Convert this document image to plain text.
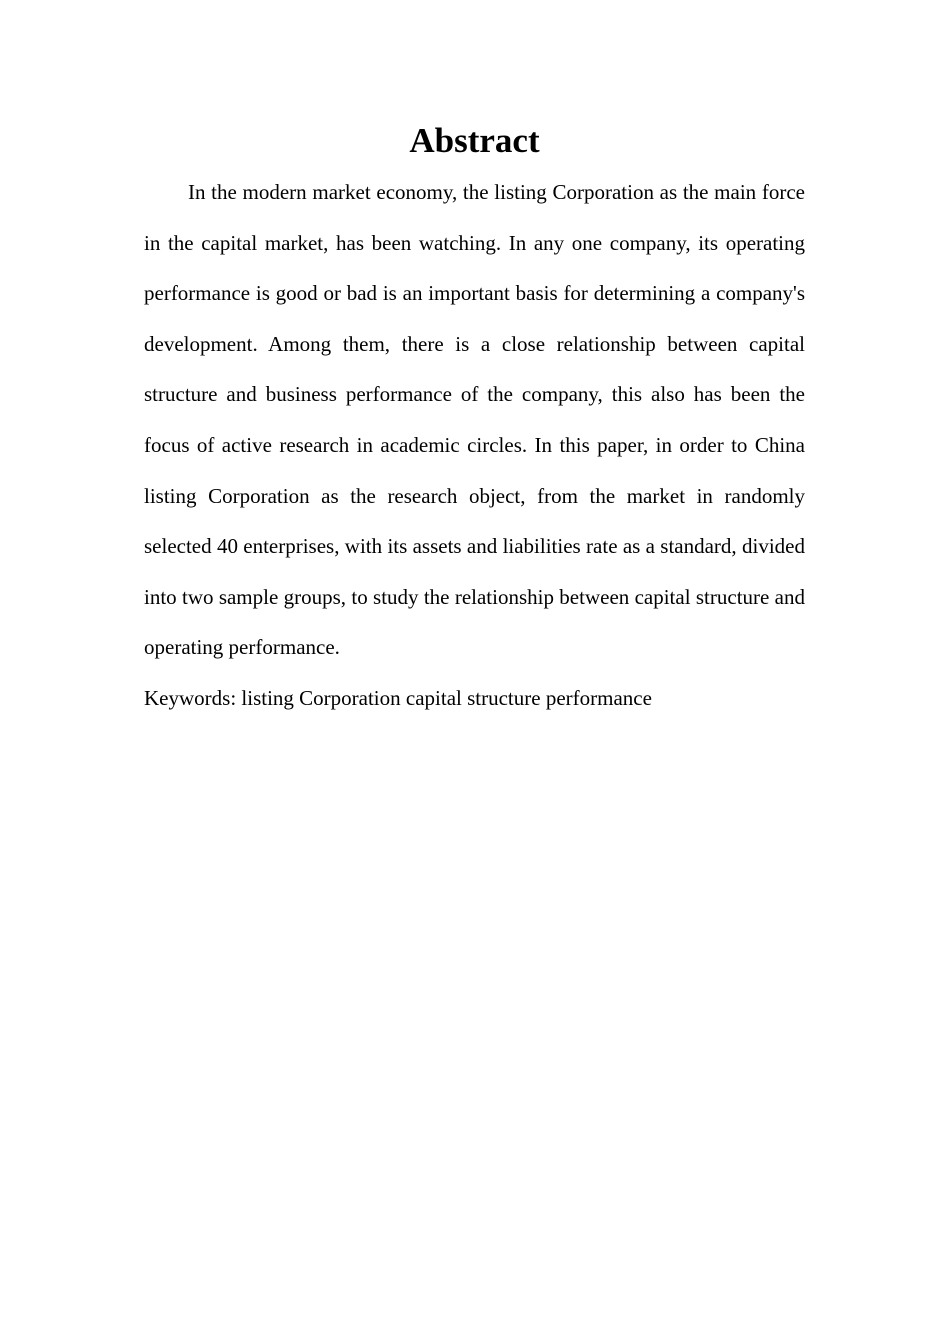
Abstract

In the modern market economy, the listing Corporation as the main force in the capital market, has been watching. In any one company, its operating performance is good or bad is an important basis for determining a company's development. Among them, there is a close relationship between capital structure and business performance of the company, this also has been the focus of active research in academic circles. In this paper, in order to China listing Corporation as the research object, from the market in randomly selected 40 enterprises, with its assets and liabilities rate as a standard, divided into two sample groups, to study the relationship between capital structure and operating performance.

Keywords: listing Corporation capital structure performance
